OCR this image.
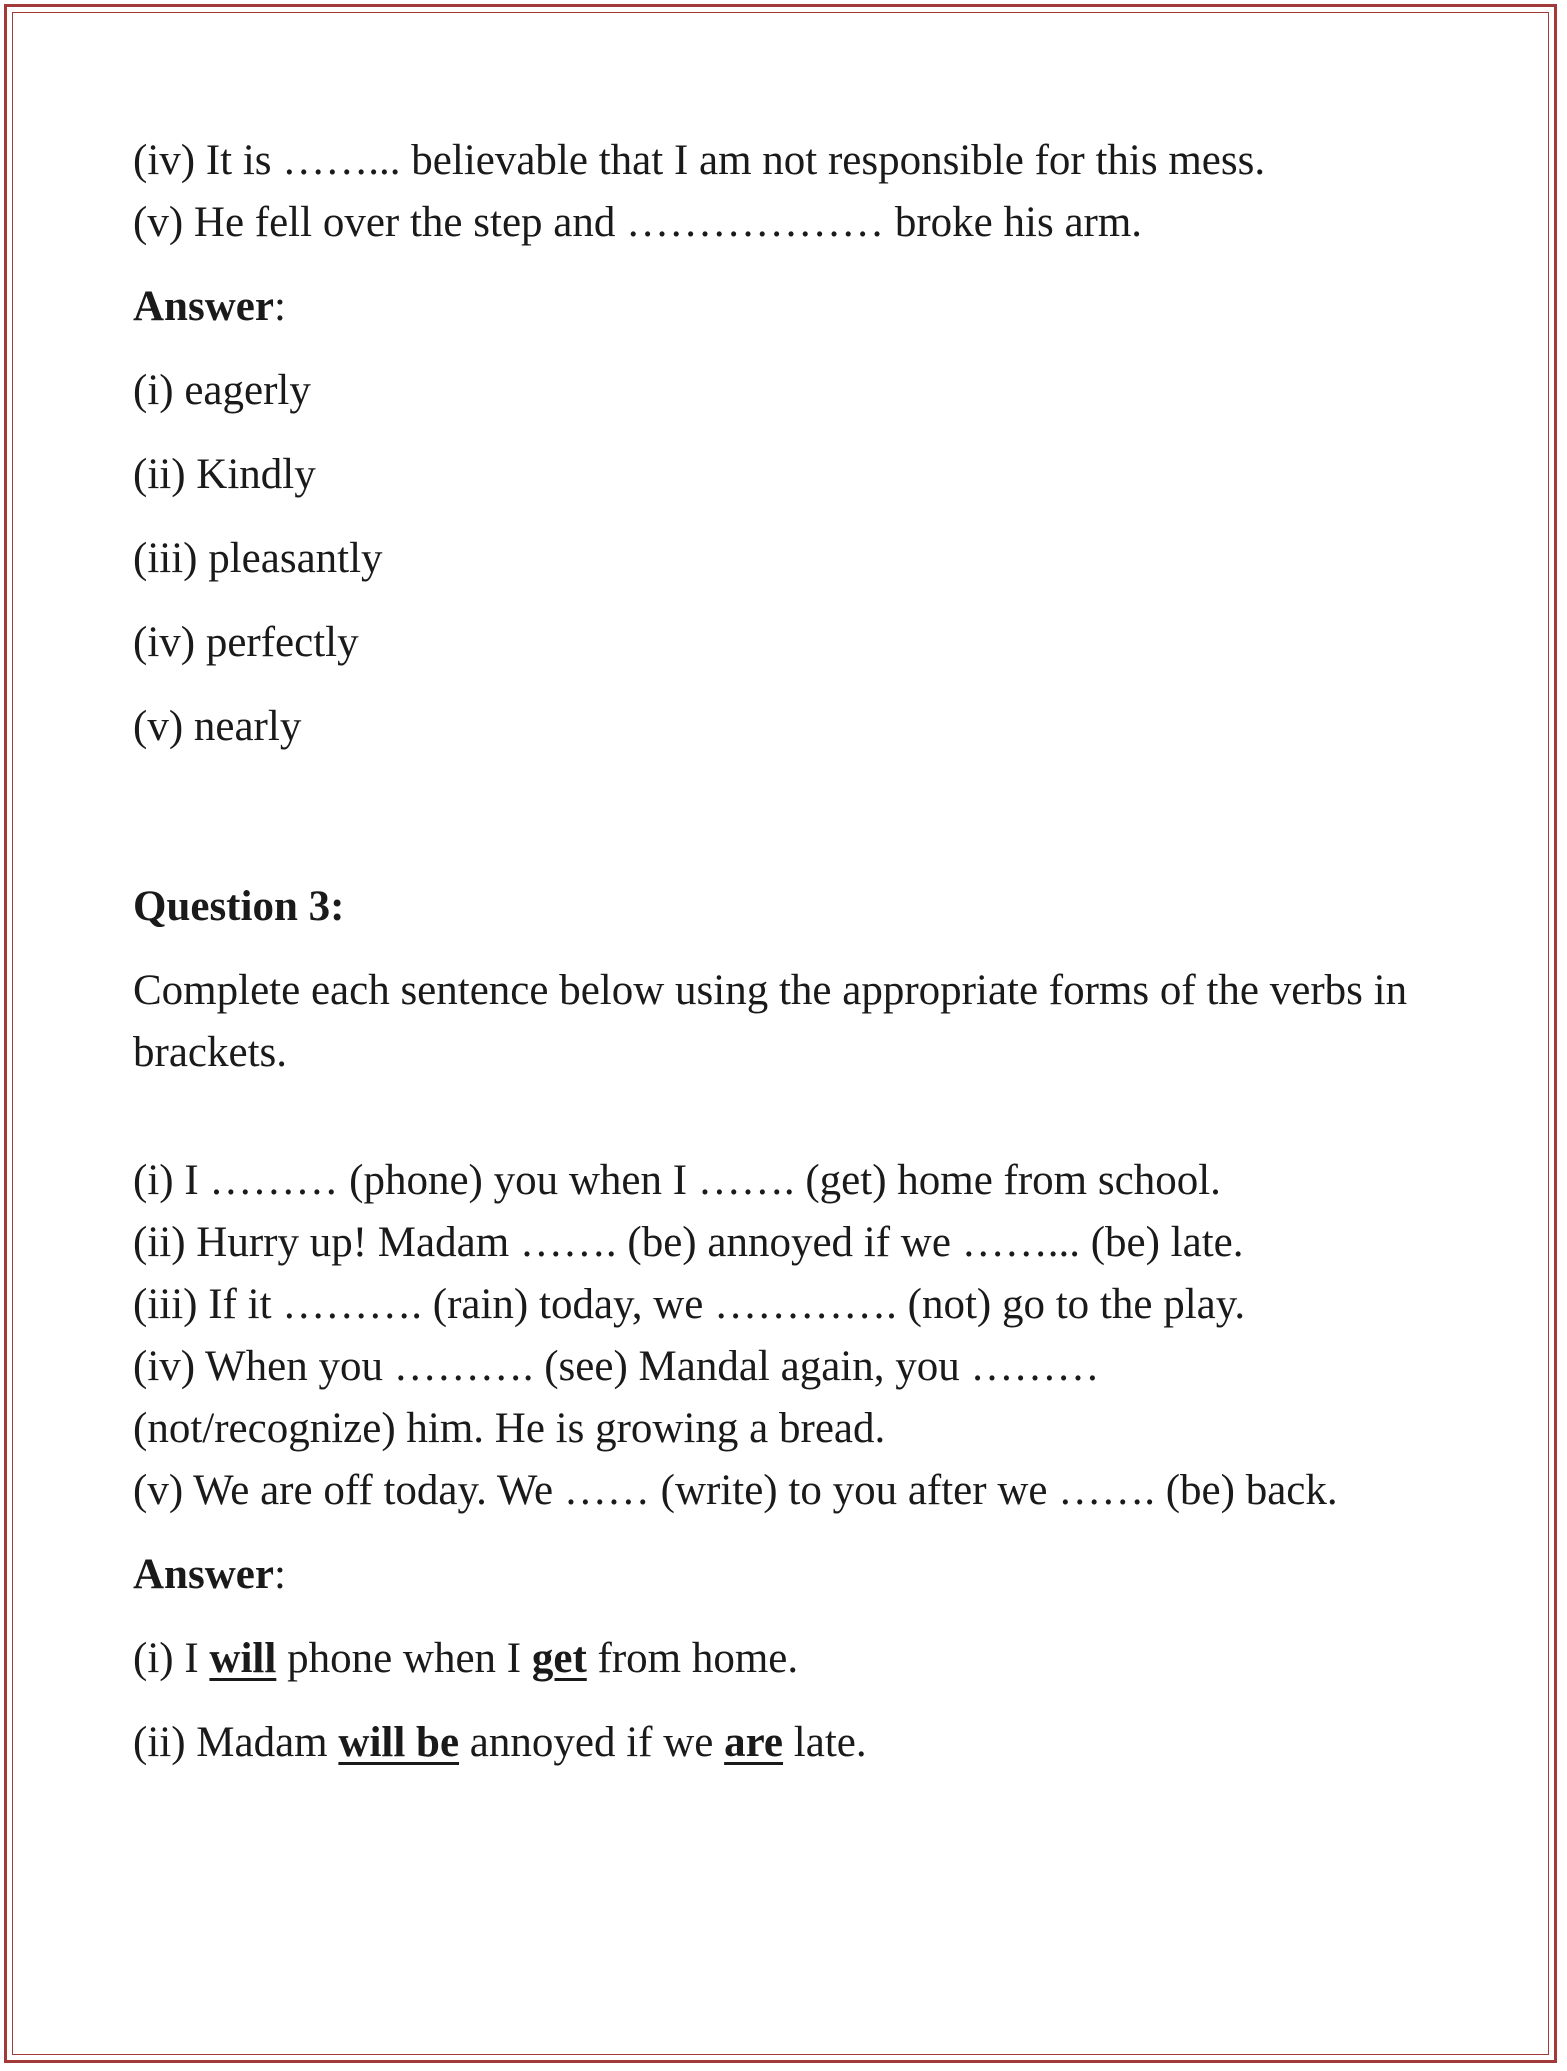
(iv) It is ……... believable that I am not responsible for this mess.

(v) He fell over the step and ……………… broke his arm.

Answer:

(i) eagerly

(ii) Kindly

(iii) pleasantly

(iv) perfectly

(v) nearly

Question 3:

Complete each sentence below using the appropriate forms of the verbs in brackets.

(i) I ……… (phone) you when I ……. (get) home from school.

(ii) Hurry up! Madam ……. (be) annoyed if we ……... (be) late.

(iii) If it ………. (rain) today, we …………. (not) go to the play.

(iv) When you ………. (see) Mandal again, you ……… (not/recognize) him. He is growing a bread.

(v) We are off today. We …… (write) to you after we ……. (be) back.

Answer:

(i) I will phone when I get from home.

(ii) Madam will be annoyed if we are late.
